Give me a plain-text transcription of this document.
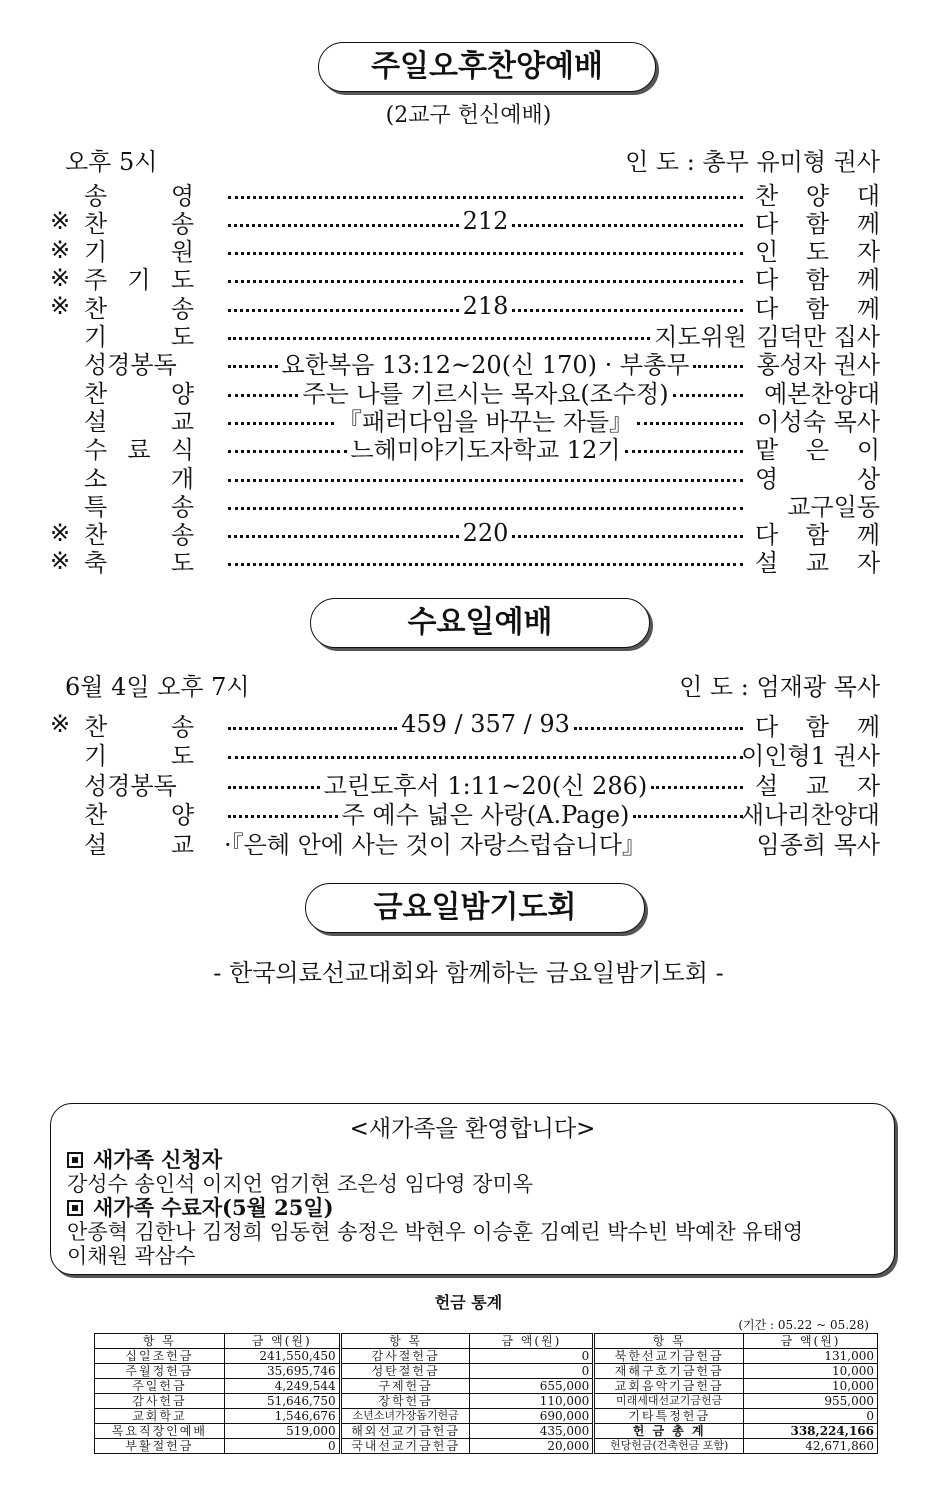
주일오후찬양예배
(2교구 헌신예배)
오후 5시	인 도 : 총무 유미형 권사
송	영	찬 양 대
※ 찬	송	212	다 함 께
※ 기	원	인 도 자
※ 주 기 도	다 함 께
※ 찬	송	218	다 함 께
기	도	지도위원 김덕만 집사
성경봉독	요한복음 13:12~20(신 170) · 부총무	홍성자 권사
찬	양	주는 나를 기르시는 목자요(조수정)	예본찬양대
설	교	『패러다임을 바꾸는 자들』	이성숙 목사
수 료 식	느헤미야기도자학교 12기	맡 은 이
소	개	영	상
특	송	교구일동
※ 찬	송	220	다 함 께
※ 축	도	설 교 자
수요일예배
6월 4일 오후 7시	인 도 : 엄재광 목사
※ 찬	송	459 / 357 / 93	다 함 께
기	도	이인형1 권사
성경봉독	고린도후서 1:11~20(신 286)	설 교 자
찬	양	주 예수 넓은 사랑(A.Page)	새나리찬양대
설	교 ·『은혜 안에 사는 것이 자랑스럽습니다』	임종희 목사
금요일밤기도회
- 한국의료선교대회와 함께하는 금요일밤기도회 -
<새가족을 환영합니다>
새가족 신청자
강성수 송인석 이지언 엄기현 조은성 임다영 장미옥
새가족 수료자(5월 25일)
안종혁 김한나 김정희 임동현 송정은 박현우 이승훈 김예린 박수빈 박예찬 유태영
이채원 곽삼수
헌금 통계
(기간 : 05.22 ~ 05.28)
항 목	금 액(원)	항 목	금 액(원)	항 목	금 액(원)
십일조헌금	241,550,450	감사절헌금	0	북한선교기금헌금	131,000
주월정헌금	35,695,746	성탄절헌금	0	재해구호기금헌금	10,000
주일헌금	4,249,544	구제헌금	655,000	교회음악기금헌금	10,000
감사헌금	51,646,750	장학헌금	110,000	미래세대선교기금헌금	955,000
교회학교	1,546,676	소년소녀가장돕기헌금	690,000	기타특정헌금	0
목요직장인예배	519,000	해외선교기금헌금	435,000	헌 금 총 계	338,224,166
부활절헌금	0	국내선교기금헌금	20,000	헌당헌금(건축헌금 포함)	42,671,860
